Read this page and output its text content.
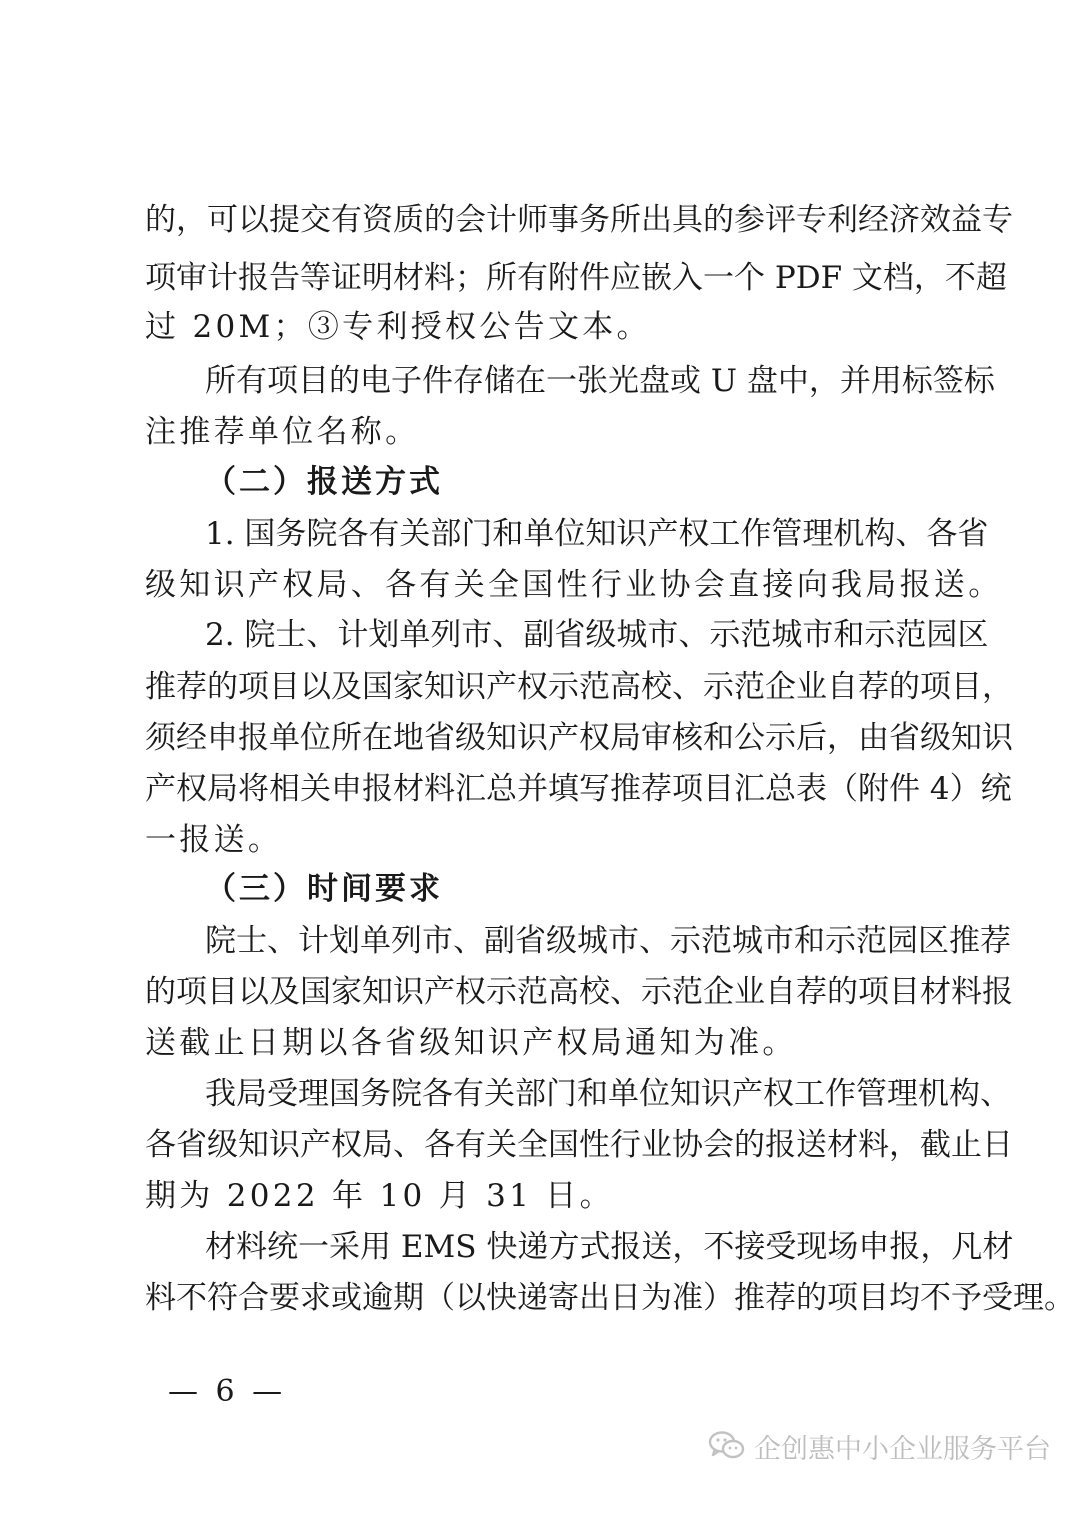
的，可以提交有资质的会计师事务所出具的参评专利经济效益专
项审计报告等证明材料；所有附件应嵌入一个 PDF 文档，不超
过 20M；③专利授权公告文本。
所有项目的电子件存储在一张光盘或 U 盘中，并用标签标
注推荐单位名称。
（二）报送方式
1. 国务院各有关部门和单位知识产权工作管理机构、各省
级知识产权局、各有关全国性行业协会直接向我局报送。
2. 院士、计划单列市、副省级城市、示范城市和示范园区
推荐的项目以及国家知识产权示范高校、示范企业自荐的项目，
须经申报单位所在地省级知识产权局审核和公示后，由省级知识
产权局将相关申报材料汇总并填写推荐项目汇总表（附件 4）统
一报送。
（三）时间要求
院士、计划单列市、副省级城市、示范城市和示范园区推荐
的项目以及国家知识产权示范高校、示范企业自荐的项目材料报
送截止日期以各省级知识产权局通知为准。
我局受理国务院各有关部门和单位知识产权工作管理机构、
各省级知识产权局、各有关全国性行业协会的报送材料，截止日
期为 2022 年 10 月 31 日。
材料统一采用 EMS 快递方式报送，不接受现场申报，凡材
料不符合要求或逾期（以快递寄出日为准）推荐的项目均不予受理。
— 6 —
企创惠中小企业服务平台
